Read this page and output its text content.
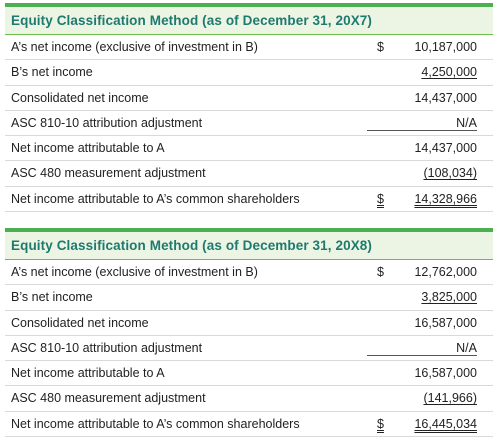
Equity Classification Method (as of December 31, 20X7)
A’s net income (exclusive of investment in B)	$ 10,187,000
B’s net income	4,250,000
Consolidated net income	14,437,000
ASC 810-10 attribution adjustment	N/A
Net income attributable to A	14,437,000
ASC 480 measurement adjustment	(108,034)
Net income attributable to A’s common shareholders	$ 14,328,966
Equity Classification Method (as of December 31, 20X8)
A’s net income (exclusive of investment in B)	$ 12,762,000
B’s net income	3,825,000
Consolidated net income	16,587,000
ASC 810-10 attribution adjustment	N/A
Net income attributable to A	16,587,000
ASC 480 measurement adjustment	(141,966)
Net income attributable to A’s common shareholders	$ 16,445,034
